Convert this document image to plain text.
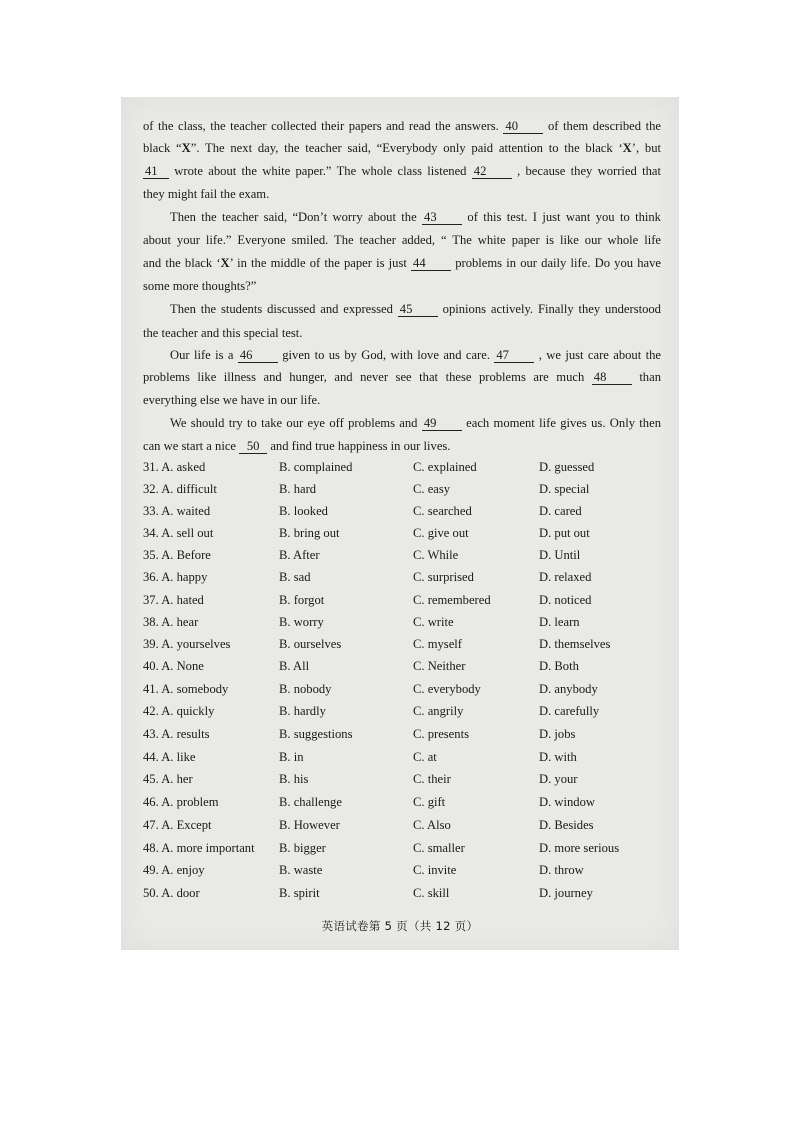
of the class, the teacher collected their papers and read the answers. 40 of them described the
black “X”. The next day, the teacher said, “Everybody only paid attention to the black ‘X’, but
41 wrote about the white paper.” The whole class listened 42 , because they worried that
they might fail the exam.
Then the teacher said, “Don’t worry about the 43 of this test. I just want you to think
about your life.” Everyone smiled. The teacher added, “ The white paper is like our whole life
and the black ‘X’ in the middle of the paper is just 44 problems in our daily life. Do you have
some more thoughts?”
Then the students discussed and expressed 45 opinions actively. Finally they understood
the teacher and this special test.
Our life is a 46 given to us by God, with love and care. 47 , we just care about the
problems like illness and hunger, and never see that these problems are much 48	than
everything else we have in our life.
We should try to take our eye off problems and 49 each moment life gives us. Only then
can we start a nice 50 and find true happiness in our lives.
31. A. asked	B. complained	C. explained	D. guessed
32. A. difficult	B. hard	C. easy	D. special
33. A. waited	B. looked	C. searched	D. cared
34. A. sell out	B. bring out	C. give out	D. put out
35. A. Before	B. After	C. While	D. Until
36. A. happy	B. sad	C. surprised	D. relaxed
37. A. hated	B. forgot	C. remembered	D. noticed
38. A. hear	B. worry	C. write	D. learn
39. A. yourselves	B. ourselves	C. myself	D. themselves
40. A. None	B. All	C. Neither	D. Both
41. A. somebody	B. nobody	C. everybody	D. anybody
42. A. quickly	B. hardly	C. angrily	D. carefully
43. A. results	B. suggestions	C. presents	D. jobs
44. A. like	B. in	C. at	D. with
45. A. her	B. his	C. their	D. your
46. A. problem	B. challenge	C. gift	D. window
47. A. Except	B. However	C. Also	D. Besides
48. A. more important B. bigger	C. smaller	D. more serious
49. A. enjoy	B. waste	C. invite	D. throw
50. A. door	B. spirit	C. skill	D. journey
英语试卷第 5 页（共 12 页）
